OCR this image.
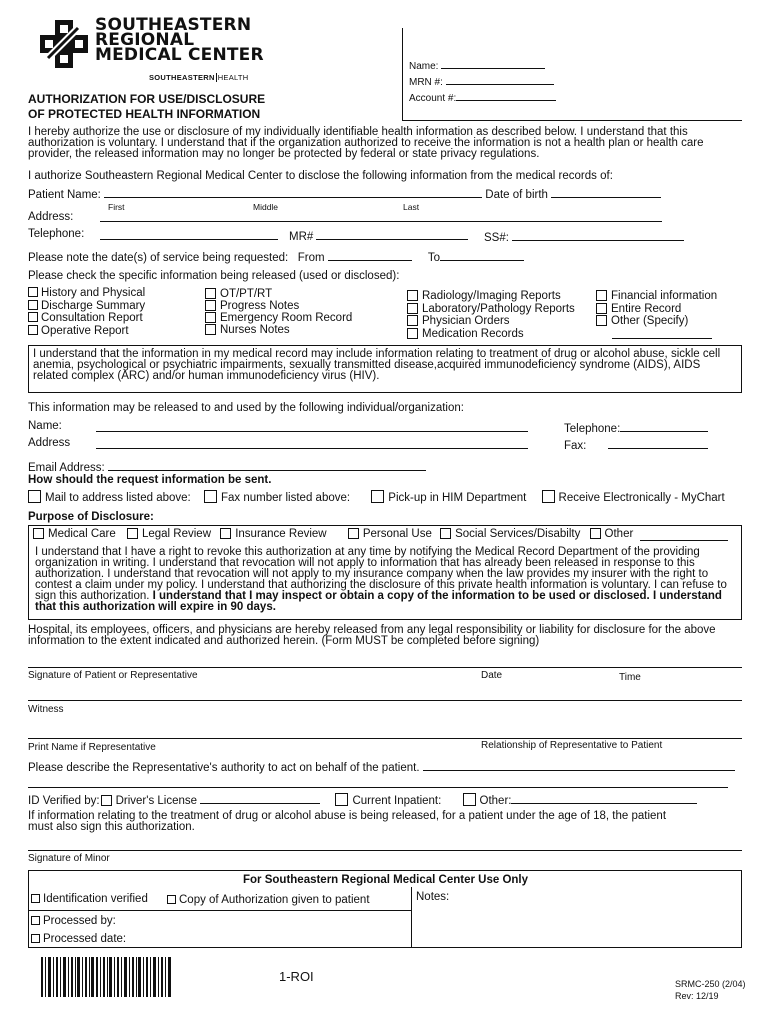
SOUTHEASTERN
REGIONAL
MEDICAL CENTER
SOUTHEASTERN HEALTH
AUTHORIZATION FOR USE/DISCLOSURE
OF PROTECTED HEALTH INFORMATION
Name:
MRN #:
Account #:
I hereby authorize the use or disclosure of my individually identifiable health information as described below. I understand that this authorization is voluntary. I understand that if the organization authorized to receive the information is not a health plan or health care provider, the released information may no longer be protected by federal or state privacy regulations.
I authorize Southeastern Regional Medical Center to disclose the following information from the medical records of:
Patient Name:	Date of birth
First	Middle	Last
Address:
Telephone:	MR#	SS#:
Please note the date(s) of service being requested: From	To
Please check the specific information being released (used or disclosed):
History and Physical
Discharge Summary
Consultation Report
Operative Report
OT/PT/RT
Progress Notes
Emergency Room Record
Nurses Notes
Radiology/Imaging Reports
Laboratory/Pathology Reports
Physician Orders
Medication Records
Financial information
Entire Record
Other (Specify)
I understand that the information in my medical record may include information relating to treatment of drug or alcohol abuse, sickle cell anemia, psychological or psychiatric impairments, sexually transmitted disease,acquired immunodeficiency syndrome (AIDS), AIDS related complex (ARC) and/or human immunodeficiency virus (HIV).
This information may be released to and used by the following individual/organization:
Name:
Address
Telephone:
Fax:
Email Address:
How should the request information be sent.
Mail to address listed above:	Fax number listed above:	Pick-up in HIM Department	Receive Electronically - MyChart
Purpose of Disclosure:
Medical Care Legal Review Insurance Review	Personal Use Social Services/Disabilty Other
I understand that I have a right to revoke this authorization at any time by notifying the Medical Record Department of the providing organization in writing. I understand that revocation will not apply to information that has already been released in response to this authorization. I understand that revocation will not apply to my insurance company when the law provides my insurer with the right to contest a claim under my policy. I understand that authorizing the disclosure of this private health information is voluntary. I can refuse to sign this authorization. I understand that I may inspect or obtain a copy of the information to be used or disclosed. I understand that this authorization will expire in 90 days.
Hospital, its employees, officers, and physicians are hereby released from any legal responsibility or liability for disclosure for the above information to the extent indicated and authorized herein. (Form MUST be completed before signing)
Signature of Patient or Representative	Date	Time
Witness
Print Name if Representative	Relationship of Representative to Patient
Please describe the Representative's authority to act on behalf of the patient.
ID Verified by: Driver's License	Current Inpatient:	Other:
If information relating to the treatment of drug or alcohol abuse is being released, for a patient under the age of 18, the patient must also sign this authorization.
Signature of Minor
For Southeastern Regional Medical Center Use Only
Identification verified	Copy of Authorization given to patient	Notes:
Processed by:
Processed date:
1-ROI	SRMC-250 (2/04)
Rev: 12/19
